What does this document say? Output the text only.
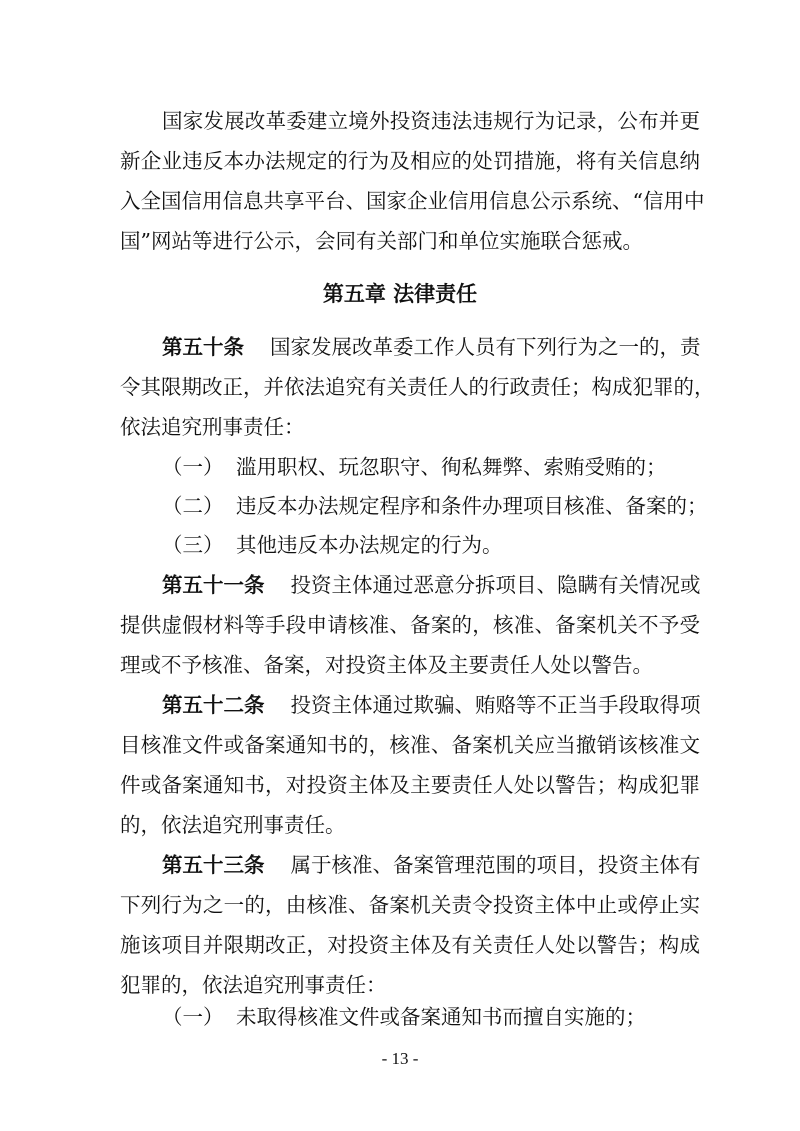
国家发展改革委建立境外投资违法违规行为记录，公布并更
新企业违反本办法规定的行为及相应的处罚措施，将有关信息纳
入全国信用信息共享平台、国家企业信用信息公示系统、“信用中
国”网站等进行公示，会同有关部门和单位实施联合惩戒。
第五章 法律责任
第五十条 国家发展改革委工作人员有下列行为之一的，责
令其限期改正，并依法追究有关责任人的行政责任；构成犯罪的，
依法追究刑事责任：
（一） 滥用职权、玩忽职守、徇私舞弊、索贿受贿的；
（二） 违反本办法规定程序和条件办理项目核准、备案的；
（三） 其他违反本办法规定的行为。
第五十一条 投资主体通过恶意分拆项目、隐瞒有关情况或
提供虚假材料等手段申请核准、备案的，核准、备案机关不予受
理或不予核准、备案，对投资主体及主要责任人处以警告。
第五十二条 投资主体通过欺骗、贿赂等不正当手段取得项
目核准文件或备案通知书的，核准、备案机关应当撤销该核准文
件或备案通知书，对投资主体及主要责任人处以警告；构成犯罪
的，依法追究刑事责任。
第五十三条 属于核准、备案管理范围的项目，投资主体有
下列行为之一的，由核准、备案机关责令投资主体中止或停止实
施该项目并限期改正，对投资主体及有关责任人处以警告；构成
犯罪的，依法追究刑事责任：
（一） 未取得核准文件或备案通知书而擅自实施的；
- 13 -
